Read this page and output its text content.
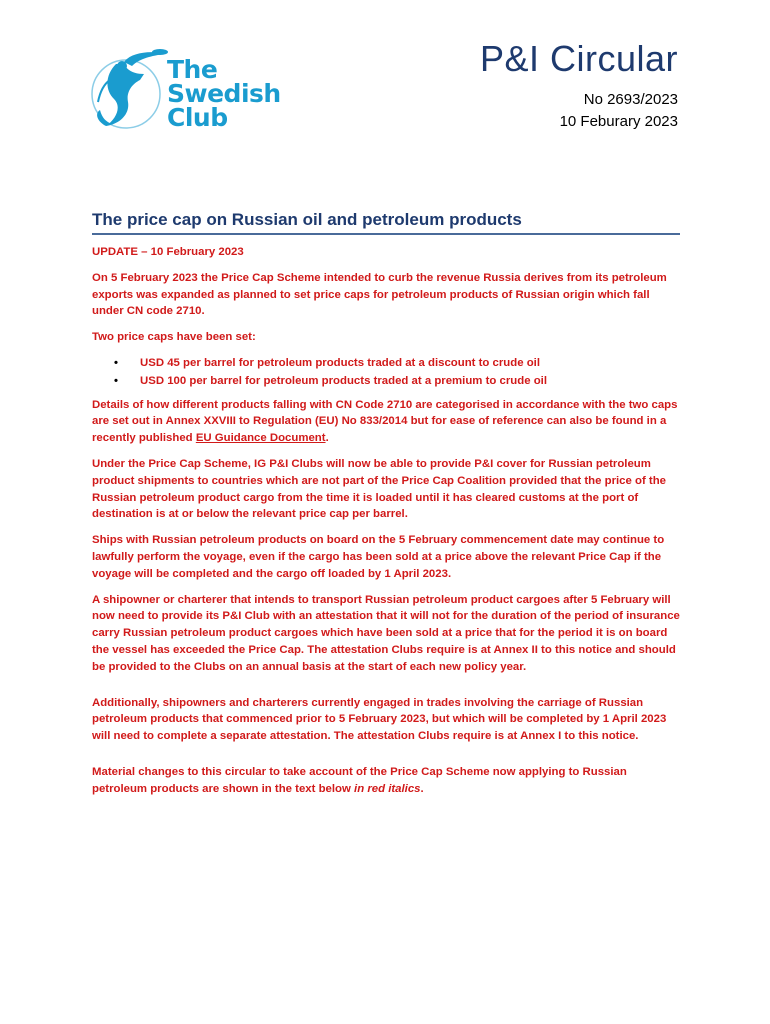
The
Swedish
Club
P&I Circular
No 2693/2023
10 Feburary 2023
The price cap on Russian oil and petroleum products

UPDATE – 10 February 2023

On 5 February 2023 the Price Cap Scheme intended to curb the revenue Russia derives from its petroleum exports was expanded as planned to set price caps for petroleum products of Russian origin which fall under CN code 2710.

Two price caps have been set:

• USD 45 per barrel for petroleum products traded at a discount to crude oil
• USD 100 per barrel for petroleum products traded at a premium to crude oil

Details of how different products falling with CN Code 2710 are categorised in accordance with the two caps are set out in Annex XXVIII to Regulation (EU) No 833/2014 but for ease of reference can also be found in a recently published EU Guidance Document.

Under the Price Cap Scheme, IG P&I Clubs will now be able to provide P&I cover for Russian petroleum product shipments to countries which are not part of the Price Cap Coalition provided that the price of the Russian petroleum product cargo from the time it is loaded until it has cleared customs at the port of destination is at or below the relevant price cap per barrel.

Ships with Russian petroleum products on board on the 5 February commencement date may continue to lawfully perform the voyage, even if the cargo has been sold at a price above the relevant Price Cap if the voyage will be completed and the cargo off loaded by 1 April 2023.

A shipowner or charterer that intends to transport Russian petroleum product cargoes after 5 February will now need to provide its P&I Club with an attestation that it will not for the duration of the period of insurance carry Russian petroleum product cargoes which have been sold at a price that for the period it is on board the vessel has exceeded the Price Cap. The attestation Clubs require is at Annex II to this notice and should be provided to the Clubs on an annual basis at the start of each new policy year.

Additionally, shipowners and charterers currently engaged in trades involving the carriage of Russian petroleum products that commenced prior to 5 February 2023, but which will be completed by 1 April 2023 will need to complete a separate attestation. The attestation Clubs require is at Annex I to this notice.

Material changes to this circular to take account of the Price Cap Scheme now applying to Russian petroleum products are shown in the text below in red italics.
